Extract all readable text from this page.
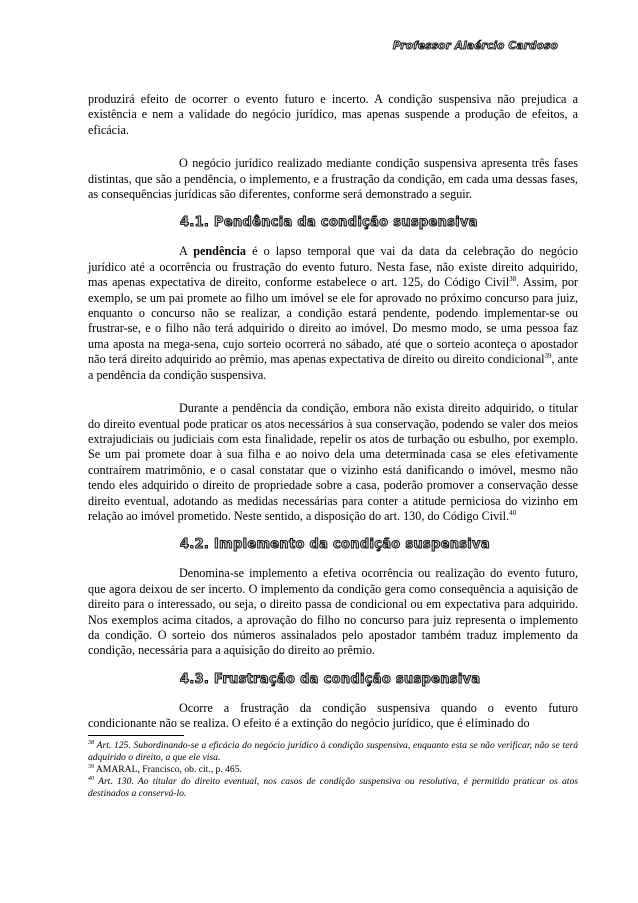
Professor Alaércio Cardoso

produzirá efeito de ocorrer o evento futuro e incerto. A condição suspensiva não prejudica a existência e nem a validade do negócio jurídico, mas apenas suspende a produção de efeitos, a eficácia.

O negócio jurídico realizado mediante condição suspensiva apresenta três fases distintas, que são a pendência, o implemento, e a frustração da condição, em cada uma dessas fases, as consequências jurídicas são diferentes, conforme será demonstrado a seguir.

4.1. Pendência da condição suspensiva

A pendência é o lapso temporal que vai da data da celebração do negócio jurídico até a ocorrência ou frustração do evento futuro. Nesta fase, não existe direito adquirido, mas apenas expectativa de direito, conforme estabelece o art. 125, do Código Civil$^{38}$. Assim, por exemplo, se um pai promete ao filho um imóvel se ele for aprovado no próximo concurso para juiz, enquanto o concurso não se realizar, a condição estará pendente, podendo implementar-se ou frustrar-se, e o filho não terá adquirido o direito ao imóvel. Do mesmo modo, se uma pessoa faz uma aposta na mega-sena, cujo sorteio ocorrerá no sábado, até que o sorteio aconteça o apostador não terá direito adquirido ao prêmio, mas apenas expectativa de direito ou direito condicional$^{39}$, ante a pendência da condição suspensiva.

Durante a pendência da condição, embora não exista direito adquirido, o titular do direito eventual pode praticar os atos necessários à sua conservação, podendo se valer dos meios extrajudiciais ou judiciais com esta finalidade, repelir os atos de turbação ou esbulho, por exemplo. Se um pai promete doar à sua filha e ao noivo dela uma determinada casa se eles efetivamente contraírem matrimônio, e o casal constatar que o vizinho está danificando o imóvel, mesmo não tendo eles adquirido o direito de propriedade sobre a casa, poderão promover a conservação desse direito eventual, adotando as medidas necessárias para conter a atitude perniciosa do vizinho em relação ao imóvel prometido. Neste sentido, a disposição do art. 130, do Código Civil.$^{40}$

4.2. Implemento da condição suspensiva

Denomina-se implemento a efetiva ocorrência ou realização do evento futuro, que agora deixou de ser incerto. O implemento da condição gera como consequência a aquisição de direito para o interessado, ou seja, o direito passa de condicional ou em expectativa para adquirido. Nos exemplos acima citados, a aprovação do filho no concurso para juiz representa o implemento da condição. O sorteio dos números assinalados pelo apostador também traduz implemento da condição, necessária para a aquisição do direito ao prêmio.

4.3. Frustração da condição suspensiva

Ocorre a frustração da condição suspensiva quando o evento futuro condicionante não se realiza. O efeito é a extinção do negócio jurídico, que é eliminado do

$^{38}$ Art. 125. Subordinando-se a eficácia do negócio jurídico à condição suspensiva, enquanto esta se não verificar, não se terá adquirido o direito, a que ele visa.
$^{39}$ AMARAL, Francisco, ob. cit., p. 465.
$^{40}$ Art. 130. Ao titular do direito eventual, nos casos de condição suspensiva ou resolutiva, é permitido praticar os atos destinados a conservá-lo.
